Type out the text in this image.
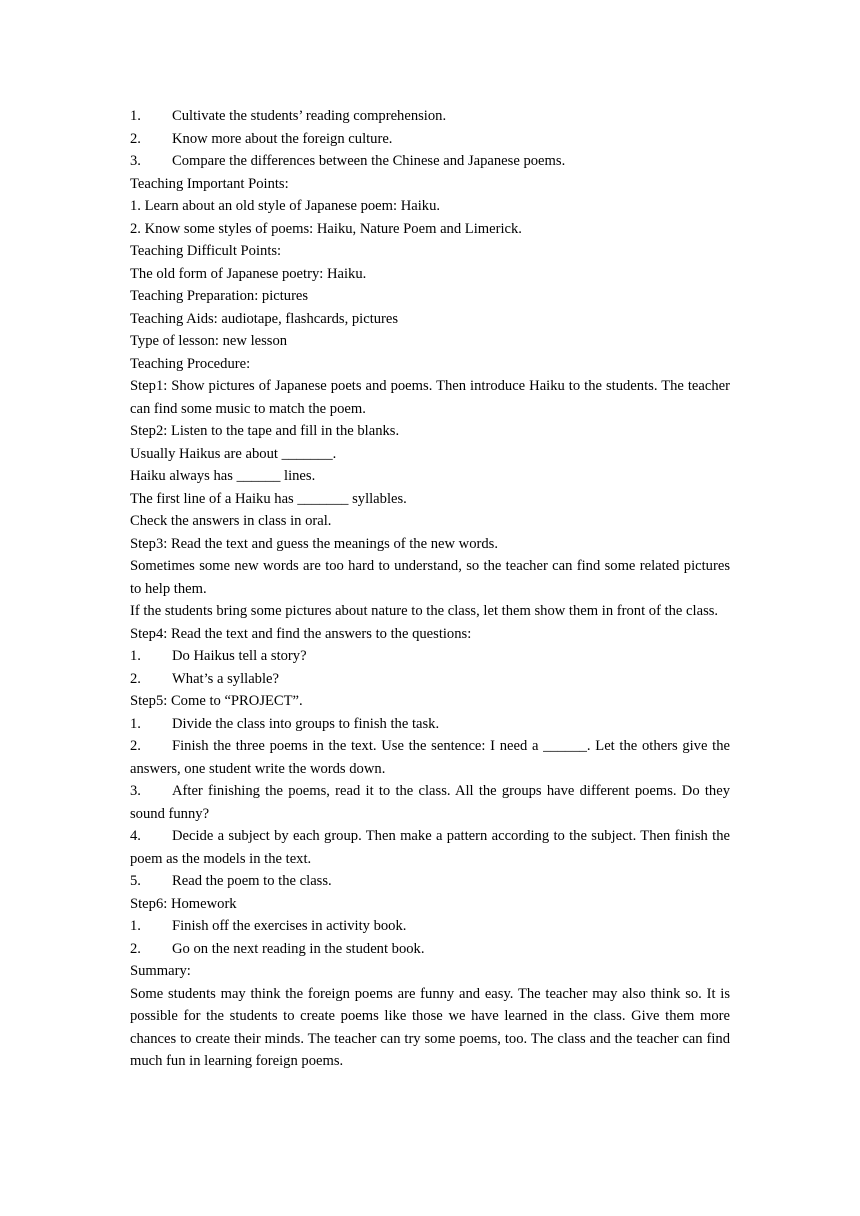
1.	Cultivate the students’ reading comprehension.
2.	Know more about the foreign culture.
3.	Compare the differences between the Chinese and Japanese poems.
Teaching Important Points:
1. Learn about an old style of Japanese poem: Haiku.
2. Know some styles of poems: Haiku, Nature Poem and Limerick.
Teaching Difficult Points:
The old form of Japanese poetry: Haiku.
Teaching Preparation: pictures
Teaching Aids: audiotape, flashcards, pictures
Type of lesson: new lesson
Teaching Procedure:
Step1: Show pictures of Japanese poets and poems. Then introduce Haiku to the students. The teacher can find some music to match the poem.
Step2: Listen to the tape and fill in the blanks.
Usually Haikus are about _______.
Haiku always has ______ lines.
The first line of a Haiku has _______ syllables.
Check the answers in class in oral.
Step3: Read the text and guess the meanings of the new words.
Sometimes some new words are too hard to understand, so the teacher can find some related pictures to help them.
If the students bring some pictures about nature to the class, let them show them in front of the class.
Step4: Read the text and find the answers to the questions:
1.	Do Haikus tell a story?
2.	What’s a syllable?
Step5: Come to “PROJECT”.
1.	Divide the class into groups to finish the task.
2. Finish the three poems in the text. Use the sentence: I need a ______. Let the others give the answers, one student write the words down.
3. After finishing the poems, read it to the class. All the groups have different poems. Do they sound funny?
4. Decide a subject by each group. Then make a pattern according to the subject. Then finish the poem as the models in the text.
5.	Read the poem to the class.
Step6: Homework
1.	Finish off the exercises in activity book.
2.	Go on the next reading in the student book.
Summary:
Some students may think the foreign poems are funny and easy. The teacher may also think so. It is possible for the students to create poems like those we have learned in the class. Give them more chances to create their minds. The teacher can try some poems, too. The class and the teacher can find much fun in learning foreign poems.
